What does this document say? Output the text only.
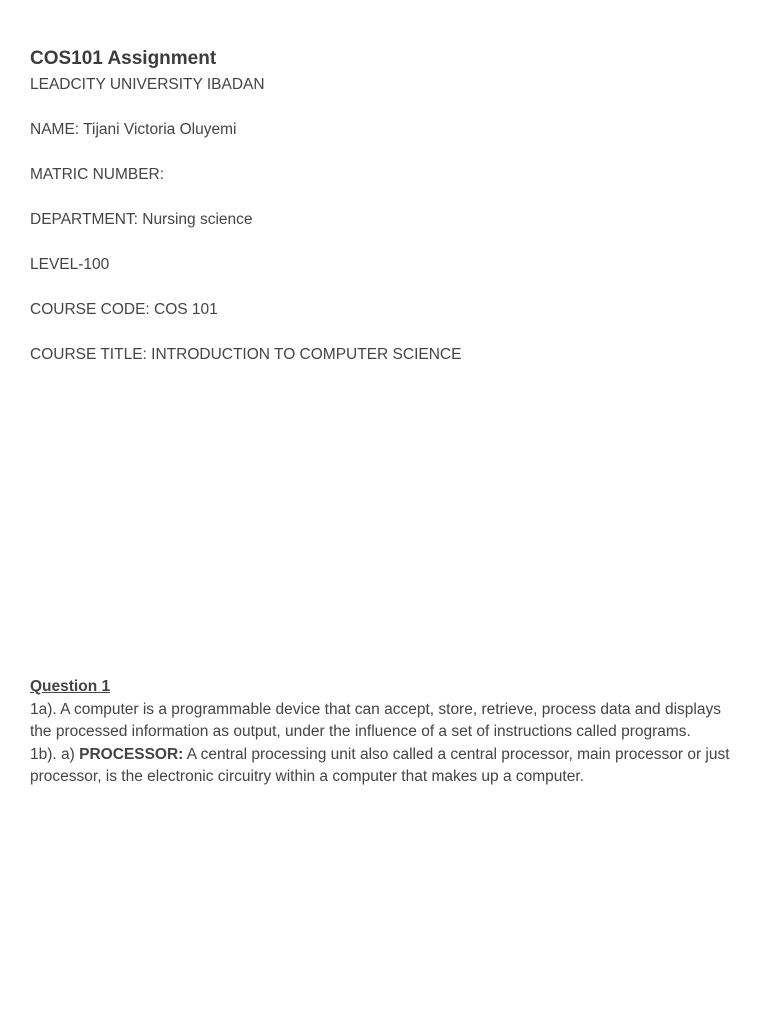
COS101 Assignment

LEADCITY UNIVERSITY IBADAN

NAME: Tijani Victoria Oluyemi

MATRIC NUMBER:

DEPARTMENT: Nursing science

LEVEL-100

COURSE CODE: COS 101

COURSE TITLE: INTRODUCTION TO COMPUTER SCIENCE

Question 1

1a). A computer is a programmable device that can accept, store, retrieve, process data and displays the processed information as output, under the influence of a set of instructions called programs.

1b). a) PROCESSOR: A central processing unit also called a central processor, main processor or just processor, is the electronic circuitry within a computer that makes up a computer.
